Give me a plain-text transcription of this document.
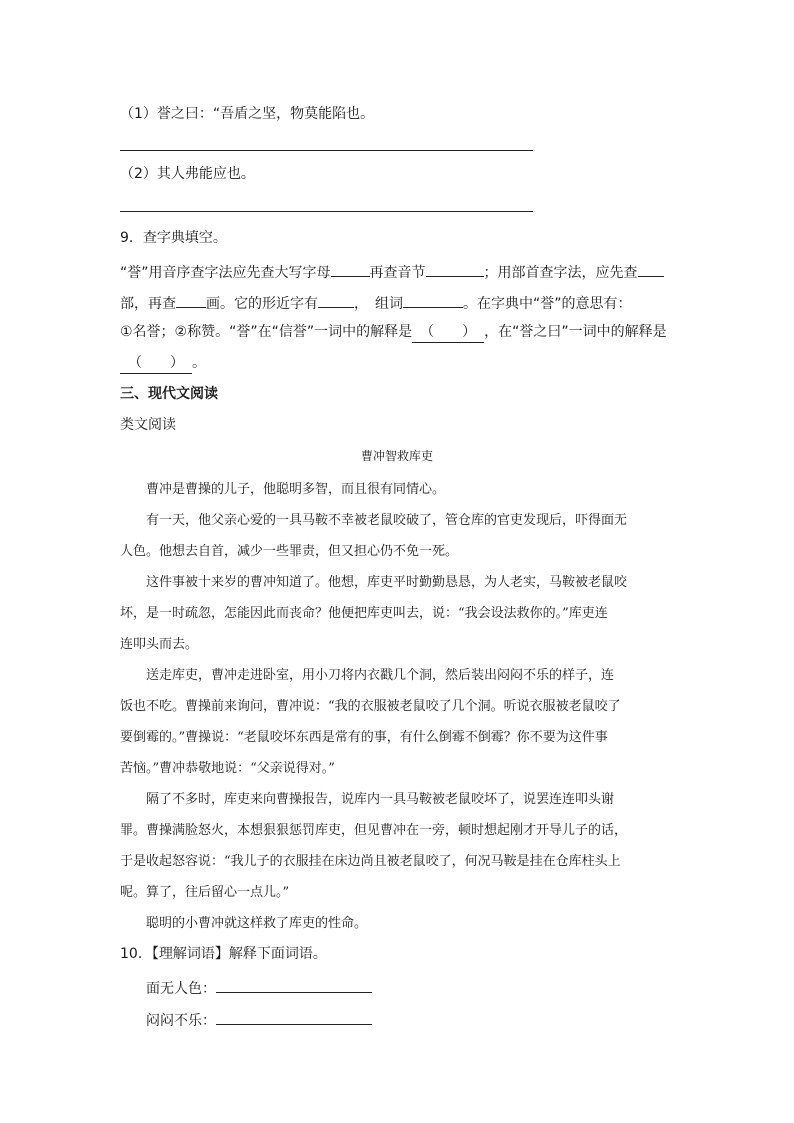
（1）誉之曰：“吾盾之坚，物莫能陷也。
（2）其人弗能应也。
9．查字典填空。
“誉”用音序查字法应先查大写字母	再查音节	；用部首查字法，应先查
部，再查 画。它的形近字有	，　组词	。在字典中“誉”的意思有：
①名誉；②称赞。“誉”在“信誉”一词中的解释是 （　　） ，在“誉之曰”一词中的解释是
（　　） 。
三、现代文阅读
类文阅读
曹冲智救库吏
曹冲是曹操的儿子，他聪明多智，而且很有同情心。
有一天，他父亲心爱的一具马鞍不幸被老鼠咬破了，管仓库的官吏发现后，吓得面无
人色。他想去自首，减少一些罪责，但又担心仍不免一死。
这件事被十来岁的曹冲知道了。他想，库吏平时勤勤恳恳，为人老实，马鞍被老鼠咬
坏，是一时疏忽，怎能因此而丧命？他便把库吏叫去，说：“我会设法救你的。”库吏连
连叩头而去。
送走库吏，曹冲走进卧室，用小刀将内衣戳几个洞，然后装出闷闷不乐的样子，连
饭也不吃。曹操前来询问，曹冲说：“我的衣服被老鼠咬了几个洞。听说衣服被老鼠咬了
要倒霉的。”曹操说：“老鼠咬坏东西是常有的事，有什么倒霉不倒霉？你不要为这件事
苦恼。”曹冲恭敬地说：“父亲说得对。”
隔了不多时，库吏来向曹操报告，说库内一具马鞍被老鼠咬坏了，说罢连连叩头谢
罪。曹操满脸怒火，本想狠狠惩罚库吏，但见曹冲在一旁，顿时想起刚才开导儿子的话，
于是收起怒容说：“我儿子的衣服挂在床边尚且被老鼠咬了，何况马鞍是挂在仓库柱头上
呢。算了，往后留心一点儿。”
聪明的小曹冲就这样救了库吏的性命。
10．【理解词语】解释下面词语。
面无人色：
闷闷不乐：
